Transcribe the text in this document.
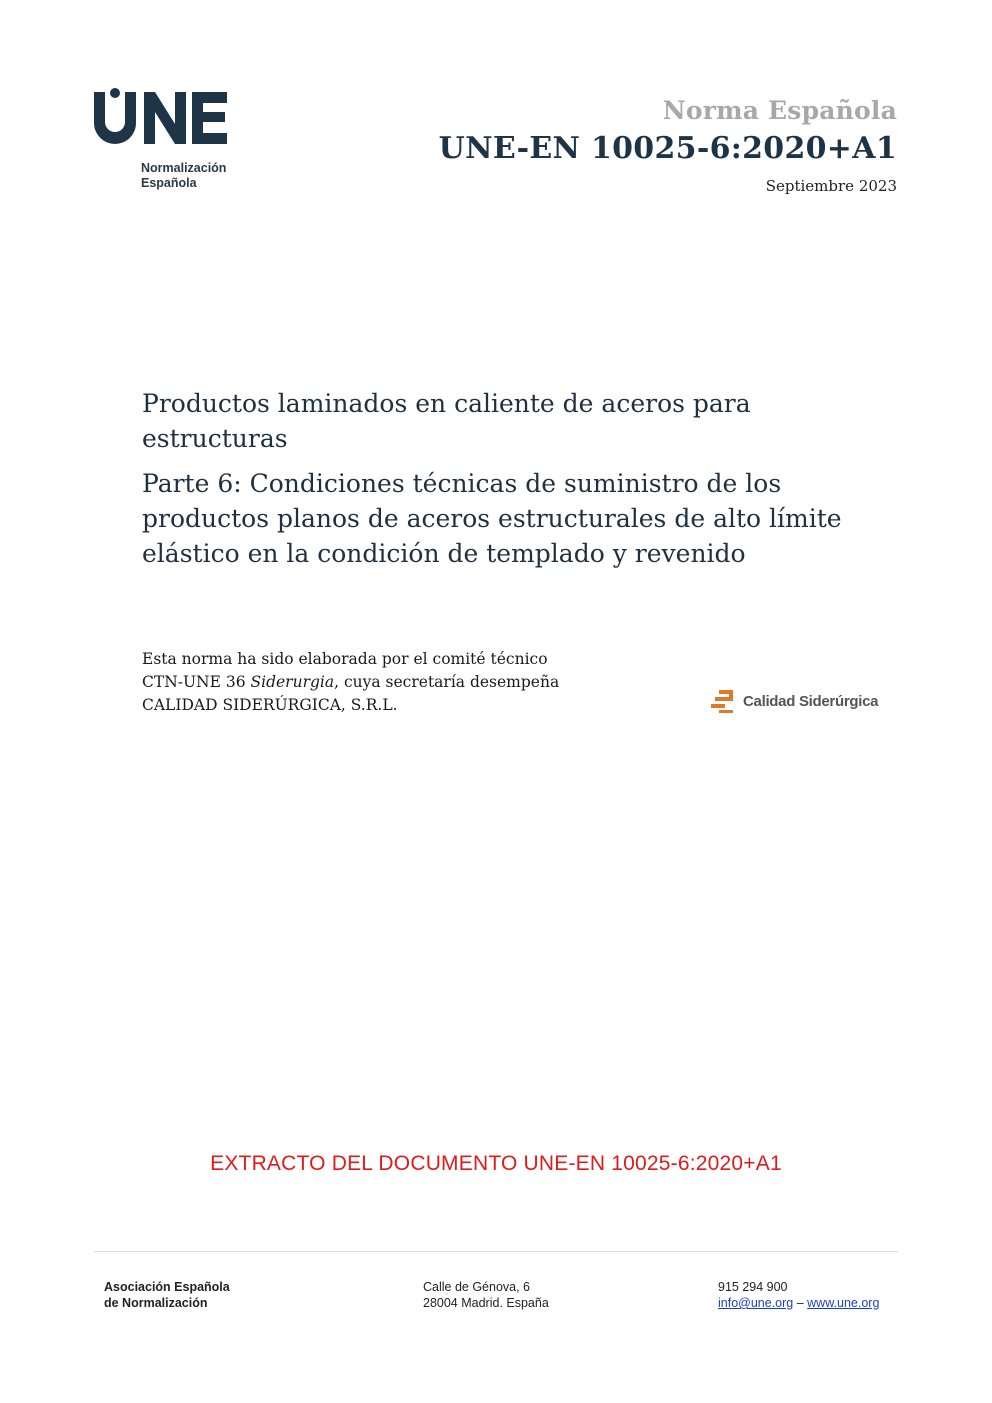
Normalización
Española
Norma Española
UNE-EN 10025-6:2020+A1
Septiembre 2023

Productos laminados en caliente de aceros para estructuras

Parte 6: Condiciones técnicas de suministro de los productos planos de aceros estructurales de alto límite elástico en la condición de templado y revenido

Esta norma ha sido elaborada por el comité técnico
CTN-UNE 36 Siderurgia, cuya secretaría desempeña
CALIDAD SIDERÚRGICA, S.R.L.	Calidad Siderúrgica
EXTRACTO DEL DOCUMENTO UNE-EN 10025-6:2020+A1
Asociación Española
de Normalización
Calle de Génova, 6
28004 Madrid. España
915 294 900
info@une.org – www.une.org
